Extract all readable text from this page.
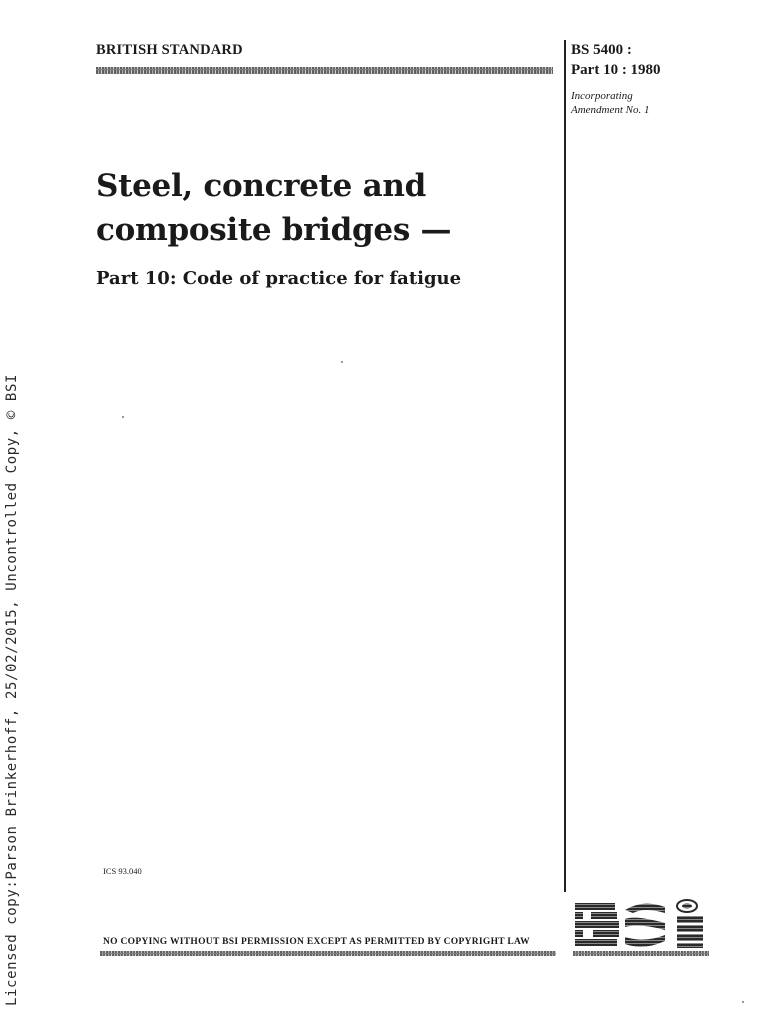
Licensed copy:Parson Brinkerhoff, 25/02/2015, Uncontrolled Copy, © BSI
BRITISH STANDARD	BS 5400 :
Part 10 : 1980
Incorporating
Amendment No. 1
Steel, concrete and
composite bridges —
Part 10: Code of practice for fatigue
ICS 93.040
NO COPYING WITHOUT BSI PERMISSION EXCEPT AS PERMITTED BY COPYRIGHT LAW
